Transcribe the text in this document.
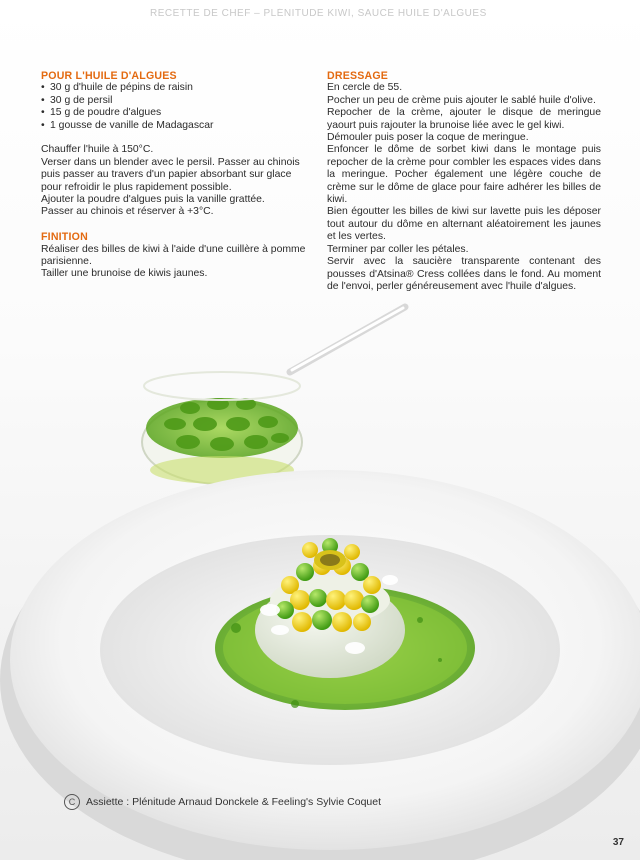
RECETTE DE CHEF – PLÉNITUDE KIWI, SAUCE HUILE D'ALGUES

POUR L'HUILE D'ALGUES

• 30 g d'huile de pépins de raisin
• 30 g de persil
• 15 g de poudre d'algues
• 1 gousse de vanille de Madagascar

Chauffer l'huile à 150°C.

Verser dans un blender avec le persil. Passer au chinois puis passer au travers d'un papier absorbant sur glace pour refroidir le plus rapidement possible.

Ajouter la poudre d'algues puis la vanille grattée.

Passer au chinois et réserver à +3°C.

FINITION

Réaliser des billes de kiwi à l'aide d'une cuillère à pomme parisienne.

Tailler une brunoise de kiwis jaunes.

DRESSAGE

En cercle de 55.

Pocher un peu de crème puis ajouter le sablé huile d'olive.

Repocher de la crème, ajouter le disque de meringue yaourt puis rajouter la brunoise liée avec le gel kiwi.

Démouler puis poser la coque de meringue.

Enfoncer le dôme de sorbet kiwi dans le montage puis repocher de la crème pour combler les espaces vides dans la meringue. Pocher également une légère couche de crème sur le dôme de glace pour faire adhérer les billes de kiwi.

Bien égoutter les billes de kiwi sur lavette puis les déposer tout autour du dôme en alternant aléatoirement les jaunes et les vertes.

Terminer par coller les pétales.

Servir avec la saucière transparente contenant des pousses d'Atsina® Cress collées dans le fond. Au moment de l'envoi, perler généreusement avec l'huile d'algues.

C	Assiette : Plénitude Arnaud Donckele & Feeling's Sylvie Coquet
37
